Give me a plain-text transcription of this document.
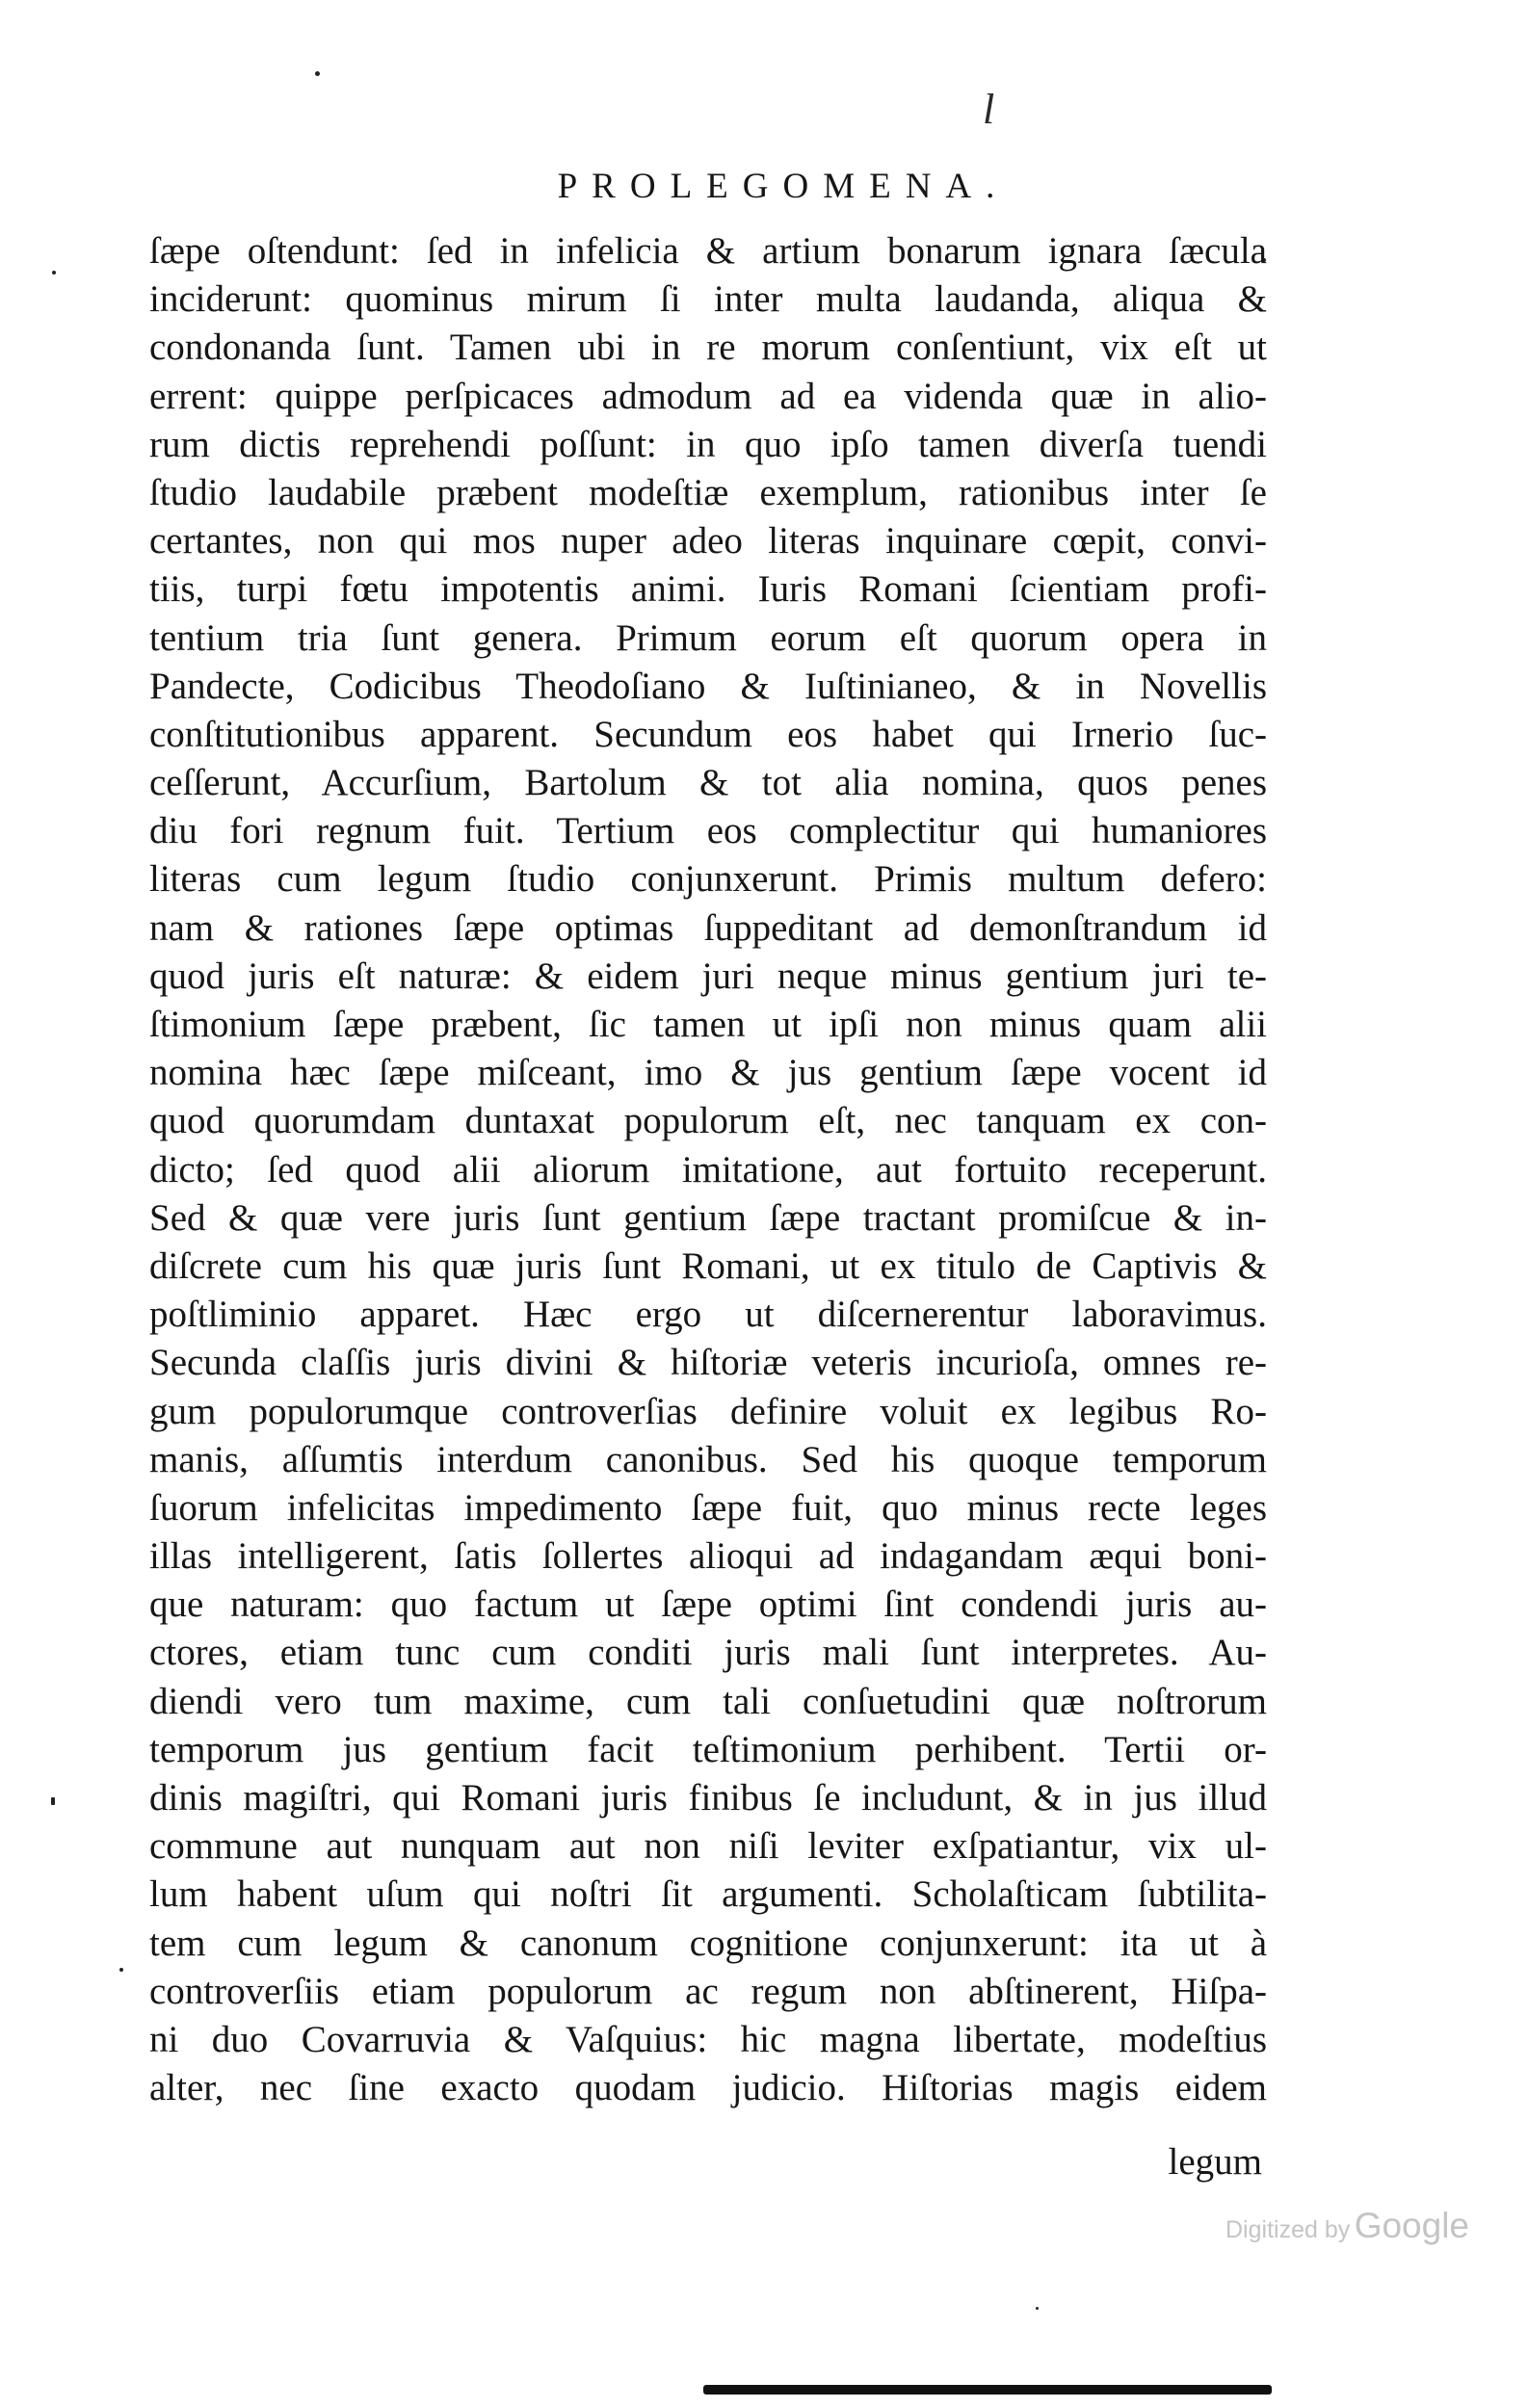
l
PROLEGOMENA.
ſæpe oſtendunt: ſed in infelicia & artium bonarum ignara ſæcula
inciderunt: quominus mirum ſi inter multa laudanda, aliqua &
condonanda ſunt. Tamen ubi in re morum conſentiunt, vix eſt ut
errent: quippe perſpicaces admodum ad ea videnda quæ in alio-
rum dictis reprehendi poſſunt: in quo ipſo tamen diverſa tuendi
ſtudio laudabile præbent modeſtiæ exemplum, rationibus inter ſe
certantes, non qui mos nuper adeo literas inquinare cœpit, convi-
tiis, turpi fœtu impotentis animi. Iuris Romani ſcientiam profi-
tentium tria ſunt genera. Primum eorum eſt quorum opera in
Pandecte, Codicibus Theodoſiano & Iuſtinianeo, & in Novellis
conſtitutionibus apparent. Secundum eos habet qui Irnerio ſuc-
ceſſerunt, Accurſium, Bartolum & tot alia nomina, quos penes
diu fori regnum fuit. Tertium eos complectitur qui humaniores
literas cum legum ſtudio conjunxerunt. Primis multum defero:
nam & rationes ſæpe optimas ſuppeditant ad demonſtrandum id
quod juris eſt naturæ: & eidem juri neque minus gentium juri te-
ſtimonium ſæpe præbent, ſic tamen ut ipſi non minus quam alii
nomina hæc ſæpe miſceant, imo & jus gentium ſæpe vocent id
quod quorumdam duntaxat populorum eſt, nec tanquam ex con-
dicto; ſed quod alii aliorum imitatione, aut fortuito receperunt.
Sed & quæ vere juris ſunt gentium ſæpe tractant promiſcue & in-
diſcrete cum his quæ juris ſunt Romani, ut ex titulo de Captivis &
poſtliminio apparet. Hæc ergo ut diſcernerentur laboravimus.
Secunda claſſis juris divini & hiſtoriæ veteris incurioſa, omnes re-
gum populorumque controverſias definire voluit ex legibus Ro-
manis, aſſumtis interdum canonibus. Sed his quoque temporum
ſuorum infelicitas impedimento ſæpe fuit, quo minus recte leges
illas intelligerent, ſatis ſollertes alioqui ad indagandam æqui boni-
que naturam: quo factum ut ſæpe optimi ſint condendi juris au-
ctores, etiam tunc cum conditi juris mali ſunt interpretes. Au-
diendi vero tum maxime, cum tali conſuetudini quæ noſtrorum
temporum jus gentium facit teſtimonium perhibent. Tertii or-
dinis magiſtri, qui Romani juris finibus ſe includunt, & in jus illud
commune aut nunquam aut non niſi leviter exſpatiantur, vix ul-
lum habent uſum qui noſtri ſit argumenti. Scholaſticam ſubtilita-
tem cum legum & canonum cognitione conjunxerunt: ita ut à
controverſiis etiam populorum ac regum non abſtinerent, Hiſpa-
ni duo Covarruvia & Vaſquius: hic magna libertate, modeſtius
alter, nec ſine exacto quodam judicio. Hiſtorias magis eidem
legum
Digitized by Google
